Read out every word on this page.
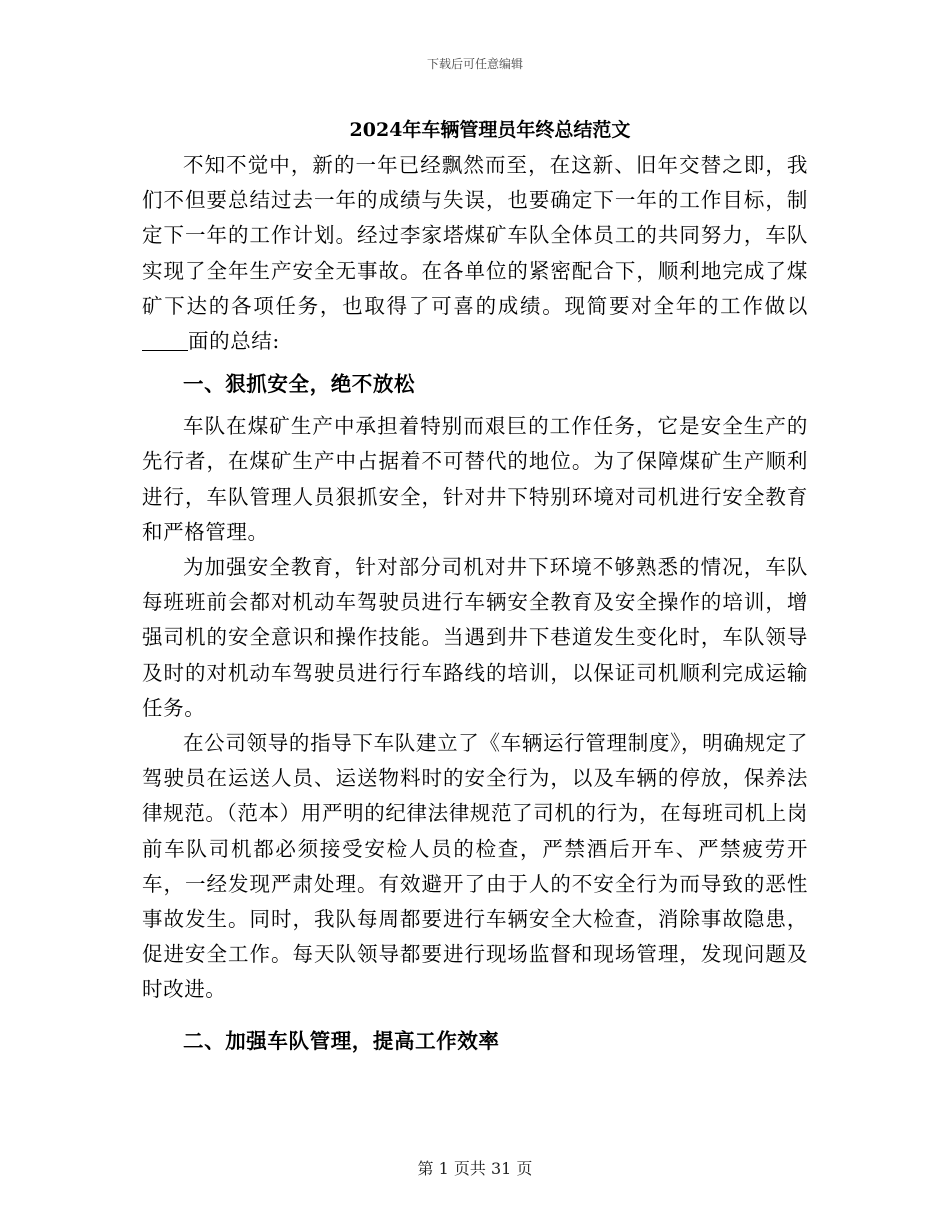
下载后可任意编辑
2024年车辆管理员年终总结范文

不知不觉中，新的一年已经飘然而至，在这新、旧年交替之即，我们不但要总结过去一年的成绩与失误，也要确定下一年的工作目标，制定下一年的工作计划。经过李家塔煤矿车队全体员工的共同努力，车队实现了全年生产安全无事故。在各单位的紧密配合下，顺利地完成了煤矿下达的各项任务，也取得了可喜的成绩。现简要对全年的工作做以面的总结:

一、狠抓安全，绝不放松

车队在煤矿生产中承担着特别而艰巨的工作任务，它是安全生产的先行者，在煤矿生产中占据着不可替代的地位。为了保障煤矿生产顺利进行，车队管理人员狠抓安全，针对井下特别环境对司机进行安全教育和严格管理。

为加强安全教育，针对部分司机对井下环境不够熟悉的情况，车队每班班前会都对机动车驾驶员进行车辆安全教育及安全操作的培训，增强司机的安全意识和操作技能。当遇到井下巷道发生变化时，车队领导及时的对机动车驾驶员进行行车路线的培训，以保证司机顺利完成运输任务。

在公司领导的指导下车队建立了《车辆运行管理制度》，明确规定了驾驶员在运送人员、运送物料时的安全行为，以及车辆的停放，保养法律规范。（范本）用严明的纪律法律规范了司机的行为，在每班司机上岗前车队司机都必须接受安检人员的检查，严禁酒后开车、严禁疲劳开车，一经发现严肃处理。有效避开了由于人的不安全行为而导致的恶性事故发生。同时，我队每周都要进行车辆安全大检查，消除事故隐患，促进安全工作。每天队领导都要进行现场监督和现场管理，发现问题及时改进。

二、加强车队管理，提高工作效率
第 1 页共 31 页
